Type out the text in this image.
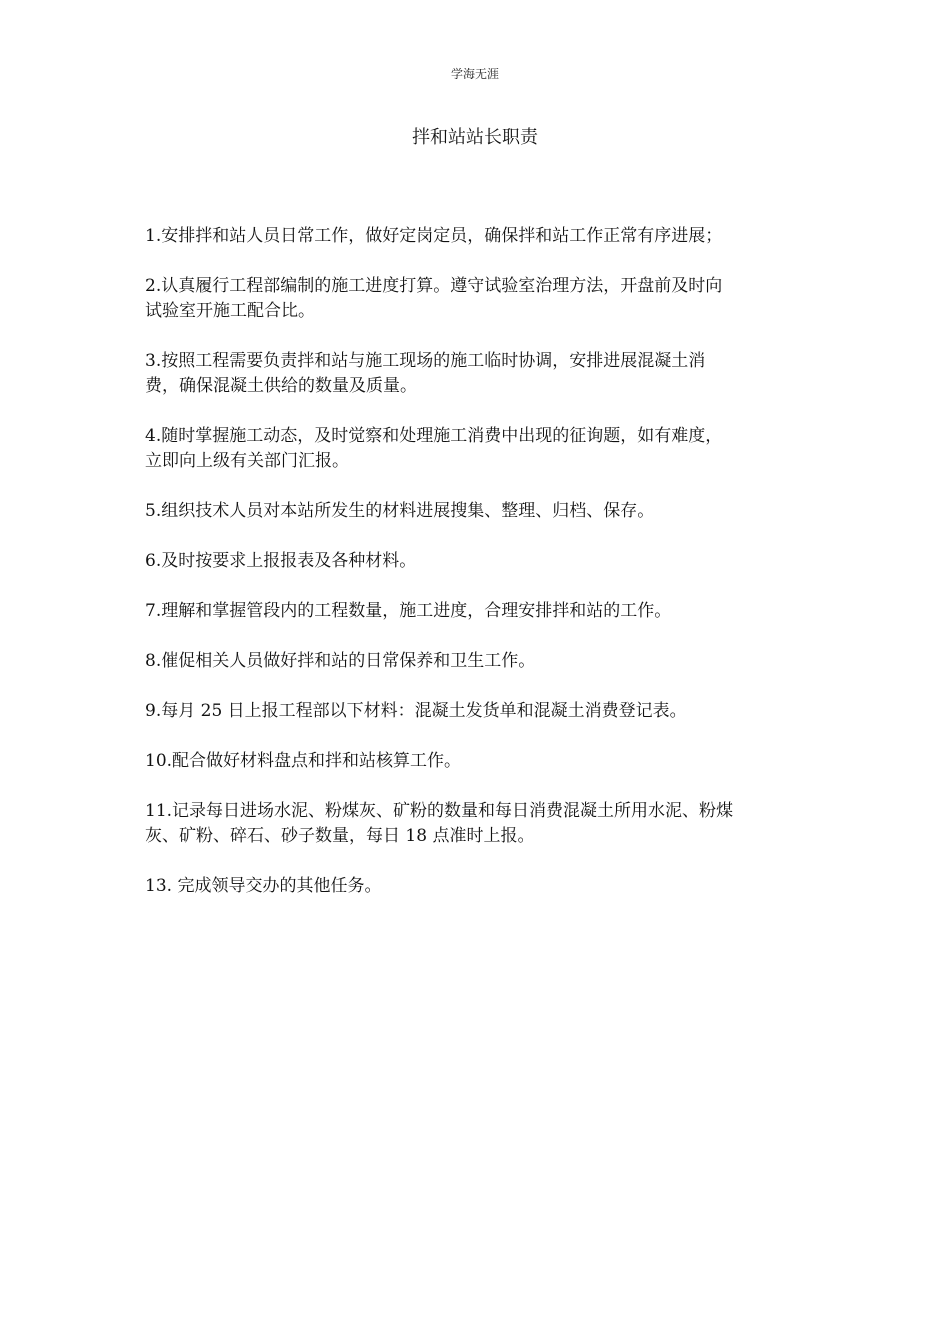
学海无涯
拌和站站长职责

1.安排拌和站人员日常工作，做好定岗定员，确保拌和站工作正常有序进展；

2.认真履行工程部编制的施工进度打算。遵守试验室治理方法，开盘前及时向
试验室开施工配合比。

3.按照工程需要负责拌和站与施工现场的施工临时协调，安排进展混凝土消
费，确保混凝土供给的数量及质量。

4.随时掌握施工动态，及时觉察和处理施工消费中出现的征询题，如有难度，
立即向上级有关部门汇报。

5.组织技术人员对本站所发生的材料进展搜集、整理、归档、保存。

6.及时按要求上报报表及各种材料。

7.理解和掌握管段内的工程数量，施工进度，合理安排拌和站的工作。

8.催促相关人员做好拌和站的日常保养和卫生工作。

9.每月 25 日上报工程部以下材料：混凝土发货单和混凝土消费登记表。

10.配合做好材料盘点和拌和站核算工作。

11.记录每日进场水泥、粉煤灰、矿粉的数量和每日消费混凝土所用水泥、粉煤
灰、矿粉、碎石、砂子数量，每日 18 点准时上报。

13. 完成领导交办的其他任务。
